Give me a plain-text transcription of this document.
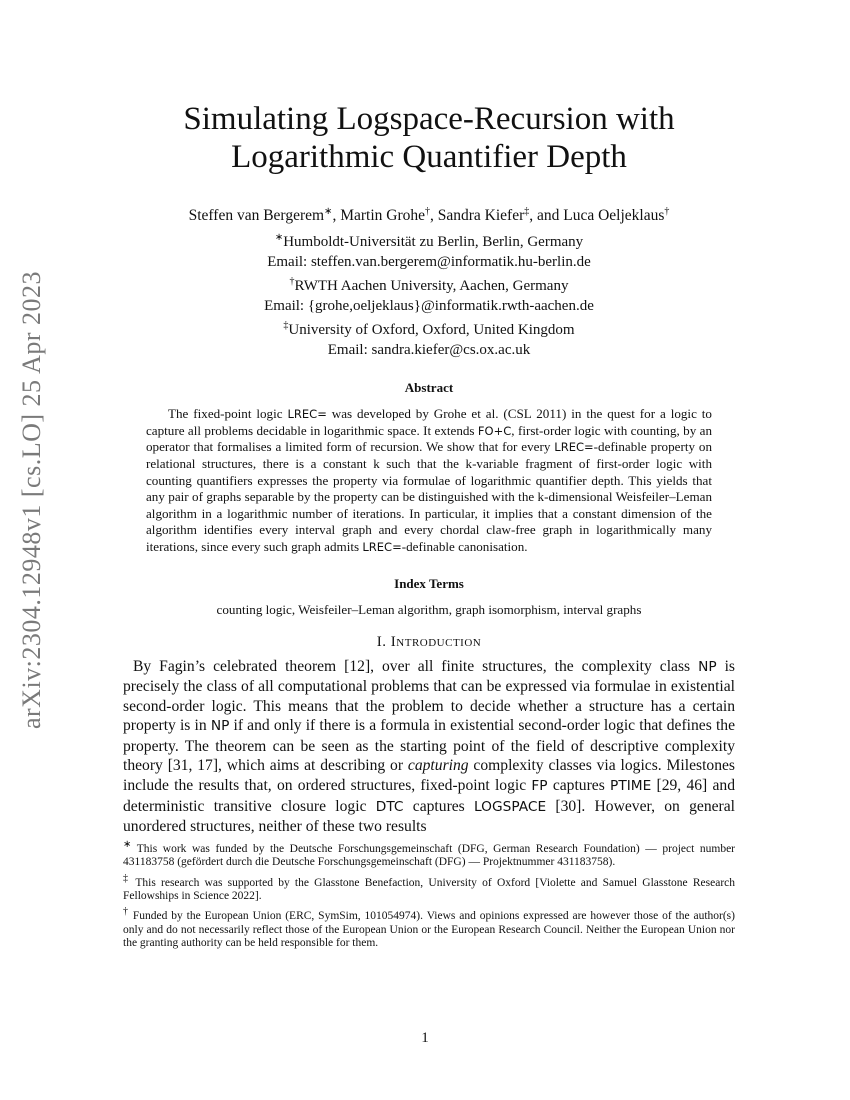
arXiv:2304.12948v1 [cs.LO] 25 Apr 2023
Simulating Logspace-Recursion with
Logarithmic Quantifier Depth

Steffen van Bergerem∗, Martin Grohe†, Sandra Kiefer‡, and Luca Oeljeklaus†

∗Humboldt-Universität zu Berlin, Berlin, Germany

Email: steffen.van.bergerem@informatik.hu-berlin.de

†RWTH Aachen University, Aachen, Germany

Email: {grohe,oeljeklaus}@informatik.rwth-aachen.de

‡University of Oxford, Oxford, United Kingdom

Email: sandra.kiefer@cs.ox.ac.uk

Abstract

The fixed-point logic LREC= was developed by Grohe et al. (CSL 2011) in the quest for a logic to capture all problems decidable in logarithmic space. It extends FO+C, first-order logic with counting, by an operator that formalises a limited form of recursion. We show that for every LREC=-definable property on relational structures, there is a constant k such that the k-variable fragment of first-order logic with counting quantifiers expresses the property via formulae of logarithmic quantifier depth. This yields that any pair of graphs separable by the property can be distinguished with the k-dimensional Weisfeiler–Leman algorithm in a logarithmic number of iterations. In particular, it implies that a constant dimension of the algorithm identifies every interval graph and every chordal claw-free graph in logarithmically many iterations, since every such graph admits LREC=-definable canonisation.

Index Terms

counting logic, Weisfeiler–Leman algorithm, graph isomorphism, interval graphs

I. Introduction

By Fagin’s celebrated theorem [12], over all finite structures, the complexity class NP is precisely the class of all computational problems that can be expressed via formulae in existential second-order logic. This means that the problem to decide whether a structure has a certain property is in NP if and only if there is a formula in existential second-order logic that defines the property. The theorem can be seen as the starting point of the field of descriptive complexity theory [31, 17], which aims at describing or capturing complexity classes via logics. Milestones include the results that, on ordered structures, fixed-point logic FP captures PTIME [29, 46] and deterministic transitive closure logic DTC captures LOGSPACE [30]. However, on general unordered structures, neither of these two results

∗ This work was funded by the Deutsche Forschungsgemeinschaft (DFG, German Research Foundation) — project number 431183758 (gefördert durch die Deutsche Forschungsgemeinschaft (DFG) — Projektnummer 431183758).

‡ This research was supported by the Glasstone Benefaction, University of Oxford [Violette and Samuel Glasstone Research Fellowships in Science 2022].

† Funded by the European Union (ERC, SymSim, 101054974). Views and opinions expressed are however those of the author(s) only and do not necessarily reflect those of the European Union or the European Research Council. Neither the European Union nor the granting authority can be held responsible for them.

1
